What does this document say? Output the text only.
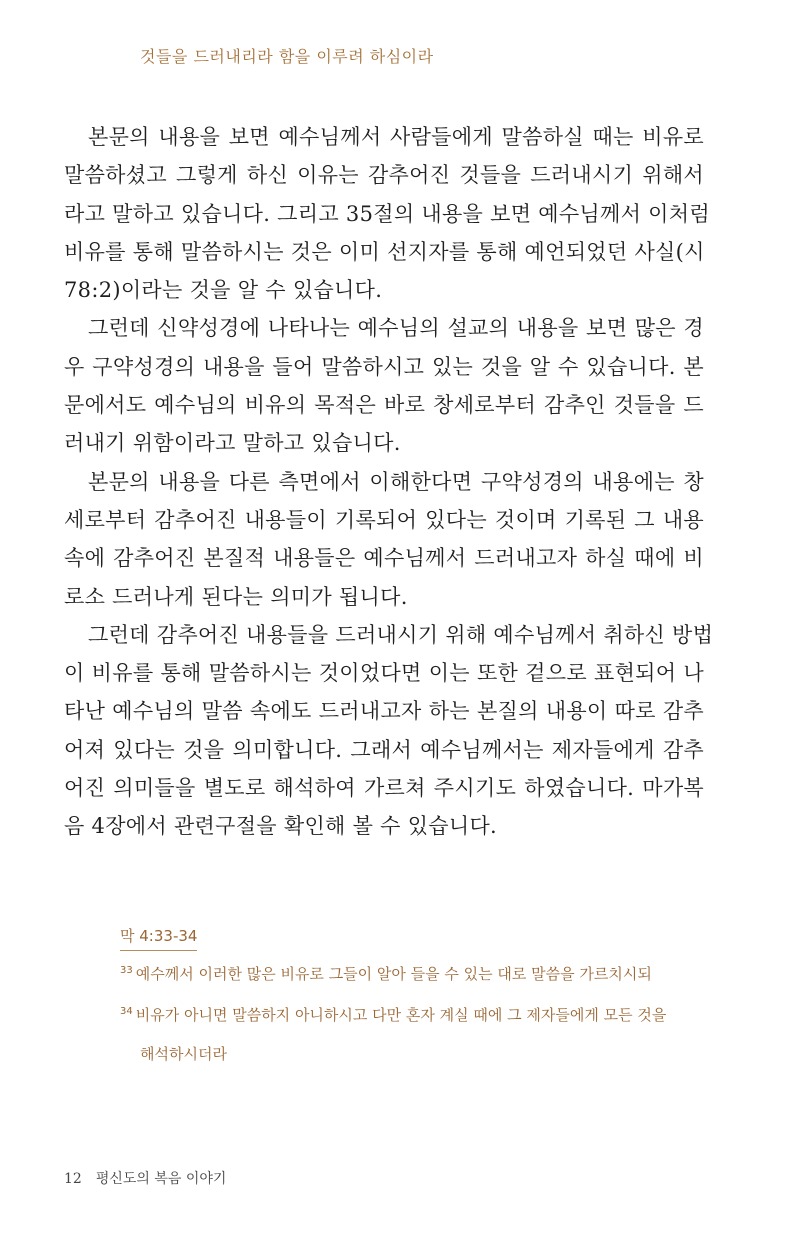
것들을 드러내리라 함을 이루려 하심이라
본문의 내용을 보면 예수님께서 사람들에게 말씀하실 때는 비유로
말씀하셨고 그렇게 하신 이유는 감추어진 것들을 드러내시기 위해서
라고 말하고 있습니다. 그리고 35절의 내용을 보면 예수님께서 이처럼
비유를 통해 말씀하시는 것은 이미 선지자를 통해 예언되었던 사실(시
78:2)이라는 것을 알 수 있습니다.
그런데 신약성경에 나타나는 예수님의 설교의 내용을 보면 많은 경
우 구약성경의 내용을 들어 말씀하시고 있는 것을 알 수 있습니다. 본
문에서도 예수님의 비유의 목적은 바로 창세로부터 감추인 것들을 드
러내기 위함이라고 말하고 있습니다.
본문의 내용을 다른 측면에서 이해한다면 구약성경의 내용에는 창
세로부터 감추어진 내용들이 기록되어 있다는 것이며 기록된 그 내용
속에 감추어진 본질적 내용들은 예수님께서 드러내고자 하실 때에 비
로소 드러나게 된다는 의미가 됩니다.
그런데 감추어진 내용들을 드러내시기 위해 예수님께서 취하신 방법
이 비유를 통해 말씀하시는 것이었다면 이는 또한 겉으로 표현되어 나
타난 예수님의 말씀 속에도 드러내고자 하는 본질의 내용이 따로 감추
어져 있다는 것을 의미합니다. 그래서 예수님께서는 제자들에게 감추
어진 의미들을 별도로 해석하여 가르쳐 주시기도 하였습니다. 마가복
음 4장에서 관련구절을 확인해 볼 수 있습니다.
막 4:33-34
$^{33}$ 예수께서 이러한 많은 비유로 그들이 알아 들을 수 있는 대로 말씀을 가르치시되
$^{34}$ 비유가 아니면 말씀하지 아니하시고 다만 혼자 계실 때에 그 제자들에게 모든 것을
해석하시더라
12 평신도의 복음 이야기
